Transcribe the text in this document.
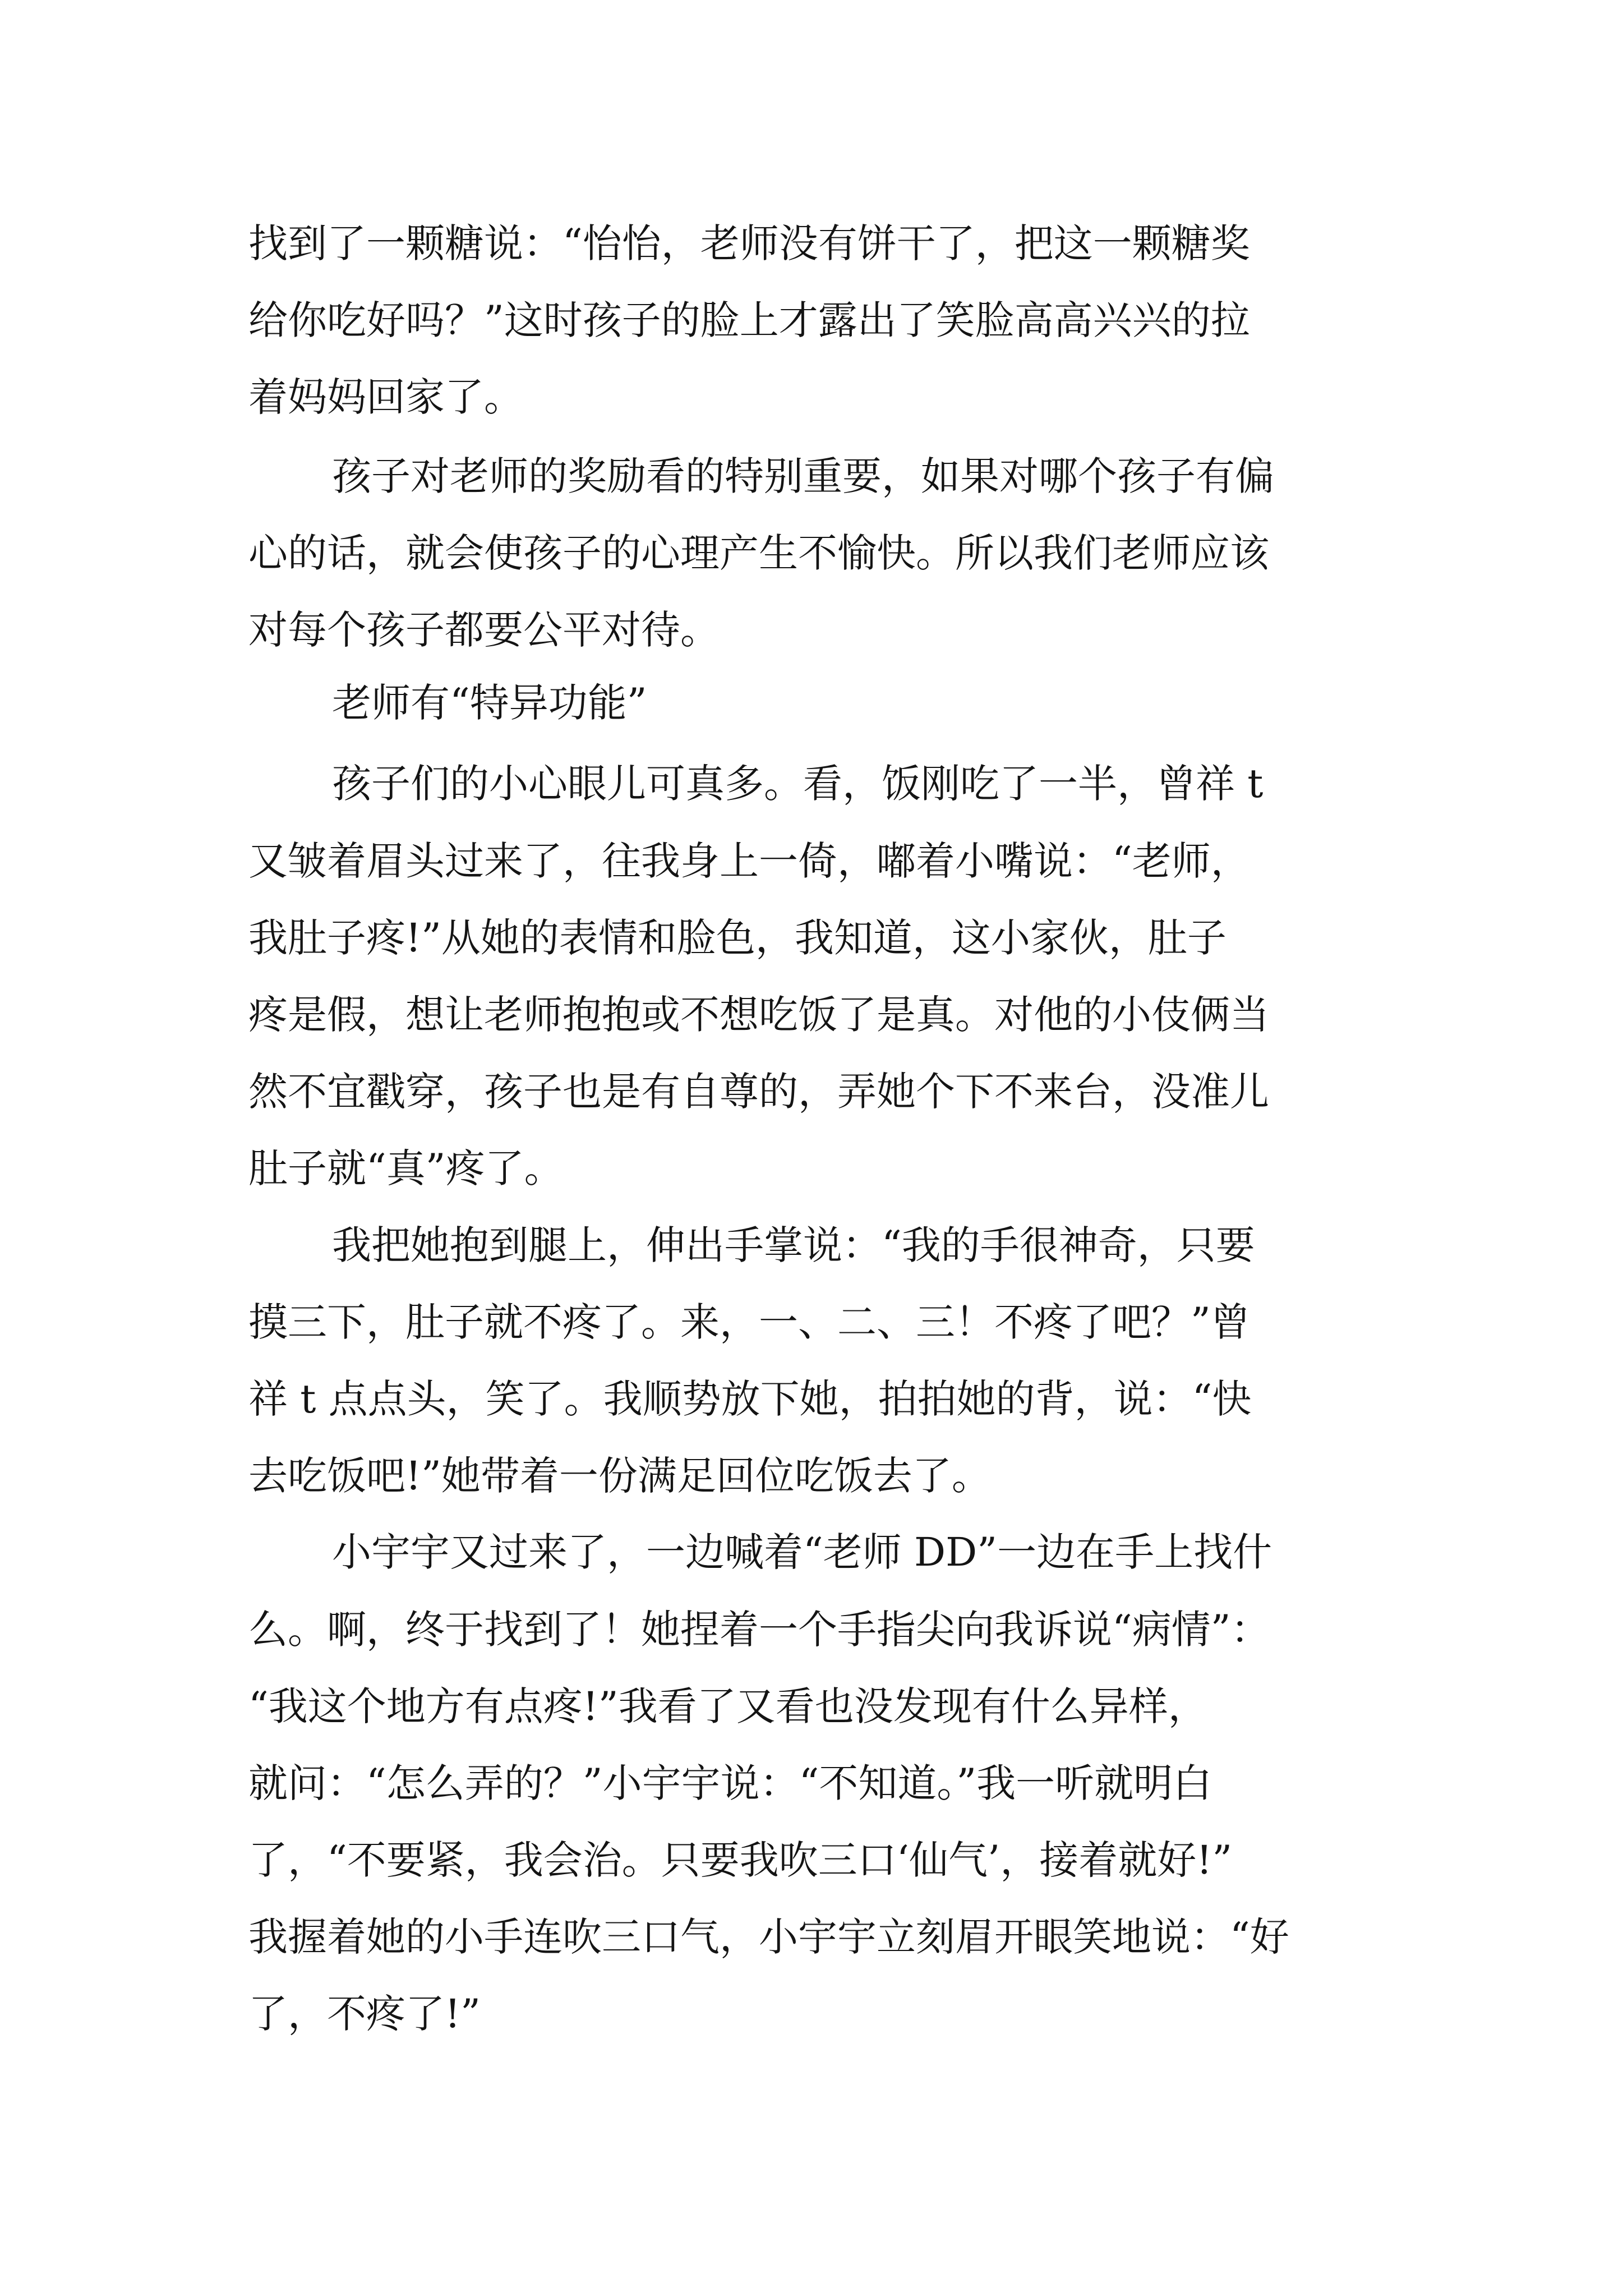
找到了一颗糖说：“怡怡，老师没有饼干了，把这一颗糖奖
给你吃好吗？”这时孩子的脸上才露出了笑脸高高兴兴的拉
着妈妈回家了。
孩子对老师的奖励看的特别重要，如果对哪个孩子有偏
心的话，就会使孩子的心理产生不愉快。所以我们老师应该
对每个孩子都要公平对待。
老师有“特异功能”
孩子们的小心眼儿可真多。看，饭刚吃了一半，曾祥 t
又皱着眉头过来了，往我身上一倚，嘟着小嘴说：“老师，
我肚子疼!”从她的表情和脸色，我知道，这小家伙，肚子
疼是假，想让老师抱抱或不想吃饭了是真。对他的小伎俩当
然不宜戳穿，孩子也是有自尊的，弄她个下不来台，没准儿
肚子就“真”疼了。
我把她抱到腿上，伸出手掌说：“我的手很神奇，只要
摸三下，肚子就不疼了。来，一、二、三！不疼了吧？”曾
祥 t 点点头，笑了。我顺势放下她，拍拍她的背，说：“快
去吃饭吧!”她带着一份满足回位吃饭去了。
小宇宇又过来了，一边喊着“老师 DD”一边在手上找什
么。啊，终于找到了！她捏着一个手指尖向我诉说“病情”：
“我这个地方有点疼!”我看了又看也没发现有什么异样，
就问：“怎么弄的？”小宇宇说：“不知道。”我一听就明白
了，“不要紧，我会治。只要我吹三口‘仙气’，接着就好!”
我握着她的小手连吹三口气，小宇宇立刻眉开眼笑地说：“好
了，不疼了!”
